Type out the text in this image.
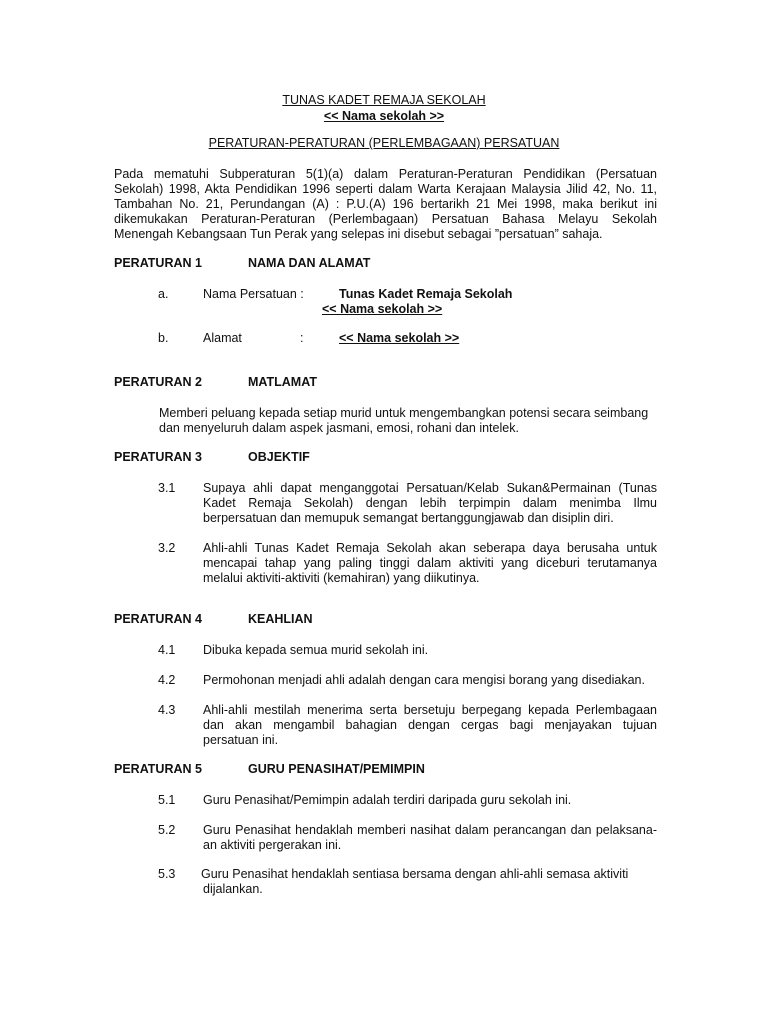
TUNAS KADET REMAJA SEKOLAH
<< Nama sekolah >>
PERATURAN-PERATURAN (PERLEMBAGAAN) PERSATUAN
Pada mematuhi Subperaturan 5(1)(a) dalam Peraturan-Peraturan Pendidikan (Persatuan
Sekolah) 1998, Akta Pendidikan 1996 seperti dalam Warta Kerajaan Malaysia Jilid 42, No. 11,
Tambahan No. 21, Perundangan (A) : P.U.(A) 196 bertarikh 21 Mei 1998, maka berikut ini
dikemukakan Peraturan-Peraturan (Perlembagaan) Persatuan Bahasa Melayu Sekolah
Menengah Kebangsaan Tun Perak yang selepas ini disebut sebagai ”persatuan” sahaja.
PERATURAN 1	NAMA DAN ALAMAT
a.	Nama Persatuan :	Tunas Kadet Remaja Sekolah
<< Nama sekolah >>
b.	Alamat	:	<< Nama sekolah >>
PERATURAN 2	MATLAMAT
Memberi peluang kepada setiap murid untuk mengembangkan potensi secara seimbang
dan menyeluruh dalam aspek jasmani, emosi, rohani dan intelek.
PERATURAN 3	OBJEKTIF
3.1 Supaya ahli dapat menganggotai Persatuan/Kelab Sukan&Permainan (Tunas
Kadet Remaja Sekolah) dengan lebih terpimpin dalam menimba Ilmu
berpersatuan dan memupuk semangat bertanggungjawab dan disiplin diri.
3.2 Ahli-ahli Tunas Kadet Remaja Sekolah akan seberapa daya berusaha untuk
mencapai tahap yang paling tinggi dalam aktiviti yang diceburi terutamanya
melalui aktiviti-aktiviti (kemahiran) yang diikutinya.
PERATURAN 4	KEAHLIAN
4.1 Dibuka kepada semua murid sekolah ini.
4.2 Permohonan menjadi ahli adalah dengan cara mengisi borang yang disediakan.
4.3 Ahli-ahli mestilah menerima serta bersetuju berpegang kepada Perlembagaan
dan akan mengambil bahagian dengan cergas bagi menjayakan tujuan
persatuan ini.
PERATURAN 5	GURU PENASIHAT/PEMIMPIN
5.1 Guru Penasihat/Pemimpin adalah terdiri daripada guru sekolah ini.
5.2 Guru Penasihat hendaklah memberi nasihat dalam perancangan dan pelaksana-
an aktiviti pergerakan ini.
5.3 Guru Penasihat hendaklah sentiasa bersama dengan ahli-ahli semasa aktiviti
dijalankan.
